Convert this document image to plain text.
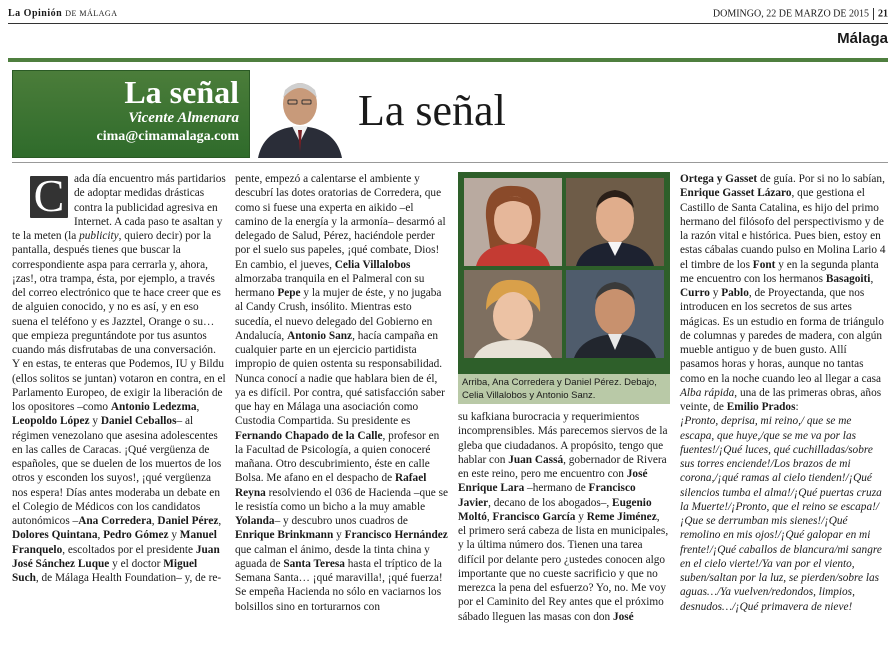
La Opinión DE MÁLAGA	DOMINGO, 22 DE MARZO DE 2015 21
Málaga
La señal
Vicente Almenara
cima@cimamalaga.com
La señal

C ada día encuentro más partidarios de adoptar medidas drásticas contra la publicidad agresiva en Internet. A cada paso te asaltan y te la meten (la publicity, quiero decir) por la pantalla, después tienes que buscar la correspondiente aspa para cerrarla y, ahora, ¡zas!, otra trampa, ésta, por ejemplo, a través del correo electrónico que te hace creer que es de alguien conocido, y no es así, y en eso suena el teléfono y es Jazztel, Orange o su… que empieza preguntándote por tus asuntos cuando más disfrutabas de una conversación. Y en estas, te enteras que Podemos, IU y Bildu (ellos solitos se juntan) votaron en contra, en el Parlamento Europeo, de exigir la liberación de los opositores –como Antonio Ledezma, Leopoldo López y Daniel Ceballos– al régimen venezolano que asesina adolescentes en las calles de Caracas. ¡Qué vergüenza de españoles, que se duelen de los muertos de los otros y esconden los suyos!, ¡qué vergüenza nos espera! Días antes moderaba un debate en el Colegio de Médicos con los candidatos autonómicos –Ana Corredera, Daniel Pérez, Dolores Quintana, Pedro Gómez y Manuel Franquelo, escoltados por el presidente Juan José Sánchez Luque y el doctor Miguel Such, de Málaga Health Foundation– y, de re-

pente, empezó a calentarse el ambiente y descubrí las dotes oratorias de Corredera, que como si fuese una experta en aikido –el camino de la energía y la armonía– desarmó al delegado de Salud, Pérez, haciéndole perder por el suelo sus papeles, ¡qué combate, Dios! En cambio, el jueves, Celia Villalobos almorzaba tranquila en el Palmeral con su hermano Pepe y la mujer de éste, y no jugaba al Candy Crush, insólito. Mientras esto sucedía, el nuevo delegado del Gobierno en Andalucía, Antonio Sanz, hacía campaña en cualquier parte en un ejercicio partidista impropio de quien ostenta su responsabilidad. Nunca conocí a nadie que hablara bien de él, ya es difícil. Por contra, qué satisfacción saber que hay en Málaga una asociación como Custodia Compartida. Su presidente es Fernando Chapado de la Calle, profesor en la Facultad de Psicología, a quien conoceré mañana. Otro descubrimiento, éste en calle Bolsa. Me afano en el despacho de Rafael Reyna resolviendo el 036 de Hacienda –que se le resistía como un bicho a la muy amable Yolanda– y descubro unos cuadros de Enrique Brinkmann y Francisco Hernández que calman el ánimo, desde la tinta china y aguada de Santa Teresa hasta el tríptico de la Semana Santa… ¡qué maravilla!, ¡qué fuerza! Se empeña Hacienda no sólo en vaciarnos los bolsillos sino en torturarnos con

Arriba, Ana Corredera y Daniel Pérez. Debajo, Celia Villalobos y Antonio Sanz.

su kafkiana burocracia y requerimientos incomprensibles. Más parecemos siervos de la gleba que ciudadanos. A propósito, tengo que hablar con Juan Cassá, gobernador de Rivera en este reino, pero me encuentro con José Enrique Lara –hermano de Francisco Javier, decano de los abogados–, Eugenio Moltó, Francisco García y Reme Jiménez, el primero será cabeza de lista en municipales, y la última número dos. Tienen una tarea difícil por delante pero ¿ustedes conocen algo importante que no cueste sacrificio y que no merezca la pena del esfuerzo? Yo, no. Me voy por el Caminito del Rey antes que el próximo sábado lleguen las masas con don José

Ortega y Gasset de guía. Por si no lo sabían, Enrique Gasset Lázaro, que gestiona el Castillo de Santa Catalina, es hijo del primo hermano del filósofo del perspectivismo y de la razón vital e histórica. Pues bien, estoy en estas cábalas cuando pulso en Molina Lario 4 el timbre de los Font y en la segunda planta me encuentro con los hermanos Basagoiti, Curro y Pablo, de Proyectanda, que nos introducen en los secretos de sus artes mágicas. Es un estudio en forma de triángulo de columnas y paredes de madera, con algún mueble antiguo y de buen gusto. Allí pasamos horas y horas, aunque no tantas como en la noche cuando leo al llegar a casa Alba rápida, una de las primeras obras, años veinte, de Emilio Prados:

¡Pronto, deprisa, mi reino,/ que se me escapa, que huye,/que se me va por las fuentes!/¡Qué luces, qué cuchilladas/sobre sus torres enciende!/Los brazos de mi corona,/¡qué ramas al cielo tienden!/¡Qué silencios tumba el alma!/¡Qué puertas cruza la Muerte!/¡Pronto, que el reino se escapa!/¡Que se derrumban mis sienes!/¡Qué remolino en mis ojos!/¡Qué galopar en mi frente!/¡Qué caballos de blancura/mi sangre en el cielo vierte!/Ya van por el viento, suben/saltan por la luz, se pierden/sobre las aguas…/Ya vuelven/redondos, limpios, desnudos…/¡Qué primavera de nieve!
